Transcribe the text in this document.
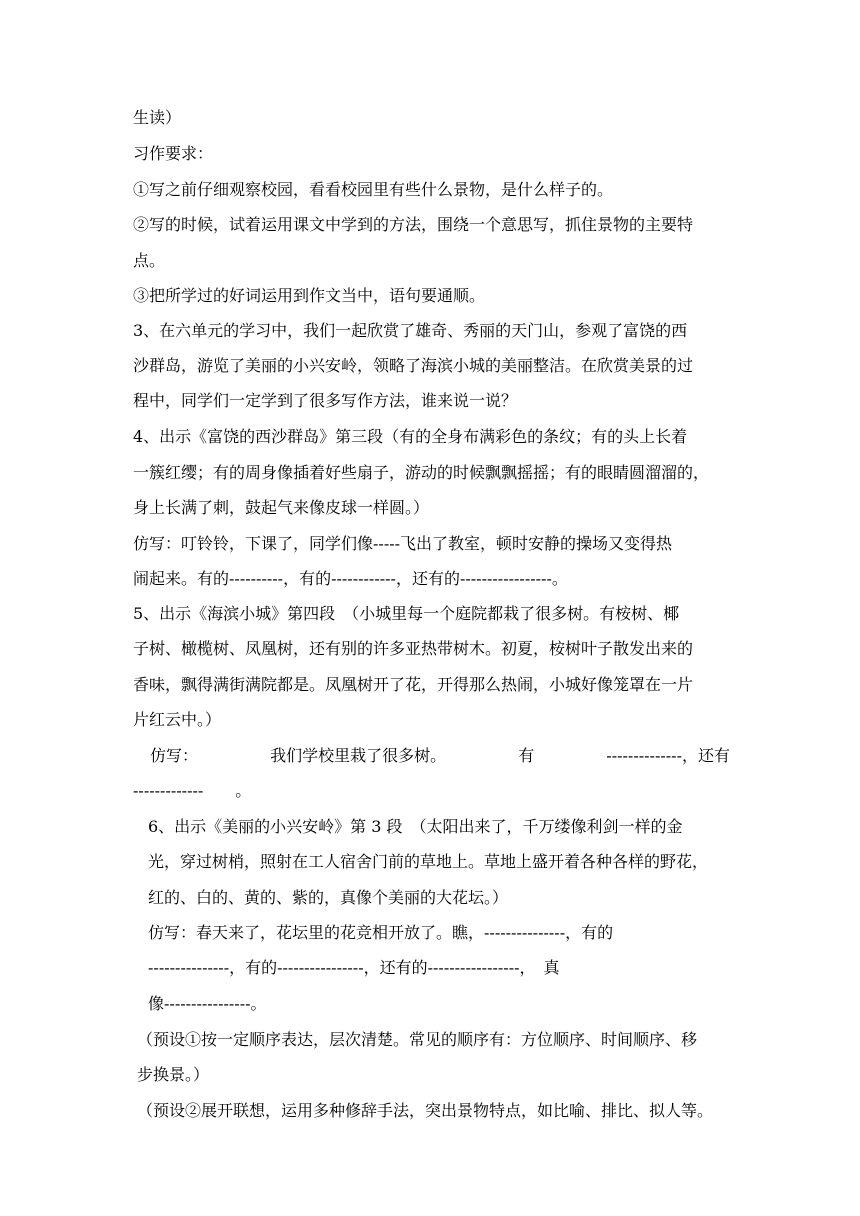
生读）

习作要求：

①写之前仔细观察校园，看看校园里有些什么景物，是什么样子的。

②写的时候，试着运用课文中学到的方法，围绕一个意思写，抓住景物的主要特

点。

③把所学过的好词运用到作文当中，语句要通顺。

3、在六单元的学习中，我们一起欣赏了雄奇、秀丽的天门山，参观了富饶的西

沙群岛，游览了美丽的小兴安岭，领略了海滨小城的美丽整洁。在欣赏美景的过

程中，同学们一定学到了很多写作方法，谁来说一说？

4、出示《富饶的西沙群岛》第三段（有的全身布满彩色的条纹；有的头上长着

一簇红缨；有的周身像插着好些扇子，游动的时候飘飘摇摇；有的眼睛圆溜溜的，

身上长满了刺，鼓起气来像皮球一样圆。）

仿写：叮铃铃，下课了，同学们像-----飞出了教室，顿时安静的操场又变得热

闹起来。有的----------，有的------------，还有的-----------------。

5、出示《海滨小城》第四段　（小城里每一个庭院都栽了很多树。有桉树、椰

子树、橄榄树、凤凰树，还有别的许多亚热带树木。初夏，桉树叶子散发出来的

香味，飘得满街满院都是。凤凰树开了花，开得那么热闹，小城好像笼罩在一片

片红云中。）

仿写：	我们学校里栽了很多树。	有	--------------，还有

-------------　　。

6、出示《美丽的小兴安岭》第 3 段　（太阳出来了，千万缕像利剑一样的金

光，穿过树梢，照射在工人宿舍门前的草地上。草地上盛开着各种各样的野花，

红的、白的、黄的、紫的，真像个美丽的大花坛。）

仿写：春天来了，花坛里的花竞相开放了。瞧，---------------，有的

---------------，有的----------------，还有的-----------------，　真

像----------------。

（预设①按一定顺序表达，层次清楚。常见的顺序有：方位顺序、时间顺序、移

步换景。）

（预设②展开联想，运用多种修辞手法，突出景物特点，如比喻、排比、拟人等。
